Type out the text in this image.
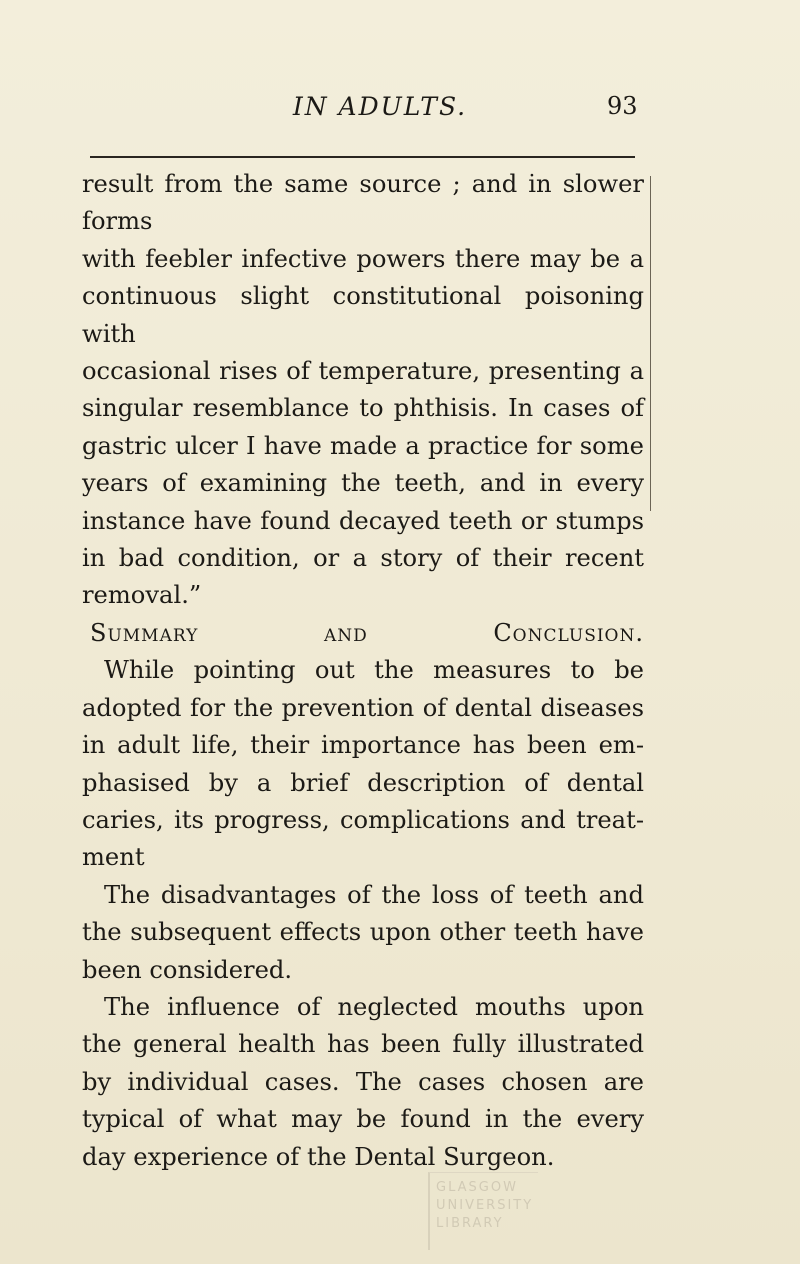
IN ADULTS.	93

result from the same source ; and in slower forms

with feebler infective powers there may be a

continuous slight constitutional poisoning with

occasional rises of temperature, presenting a

singular resemblance to phthisis. In cases of

gastric ulcer I have made a practice for some

years of examining the teeth, and in every

instance have found decayed teeth or stumps

in bad condition, or a story of their recent

removal.”

Summary and Conclusion.

While pointing out the measures to be

adopted for the prevention of dental diseases

in adult life, their importance has been em-

phasised by a brief description of dental

caries, its progress, complications and treat-

ment

The disadvantages of the loss of teeth and

the subsequent effects upon other teeth have

been considered.

The influence of neglected mouths upon

the general health has been fully illustrated

by individual cases. The cases chosen are

typical of what may be found in the every

day experience of the Dental Surgeon.

GLASGOW
UNIVERSITY
LIBRARY
